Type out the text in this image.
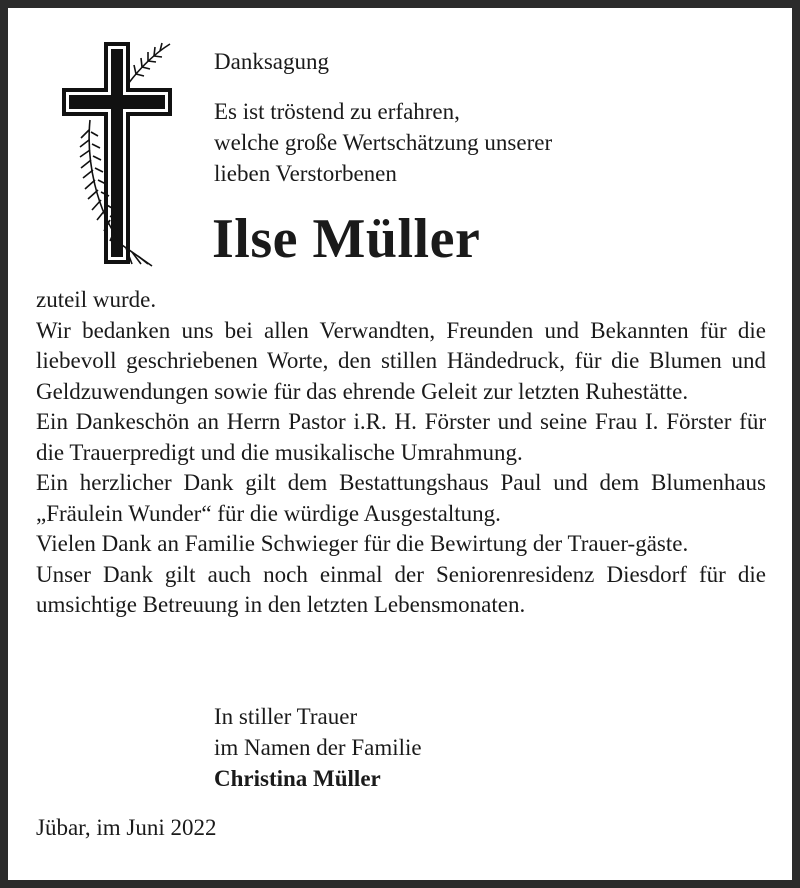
Danksagung
Es ist tröstend zu erfahren,
welche große Wertschätzung unserer
lieben Verstorbenen
Ilse Müller
zuteil wurde.
Wir bedanken uns bei allen Verwandten, Freunden und Bekannten für die liebevoll geschriebenen Worte, den stillen Händedruck, für die Blumen und Geldzuwendungen sowie für das ehrende Geleit zur letzten Ruhestätte.
Ein Dankeschön an Herrn Pastor i.R. H. Förster und seine Frau I. Förster für die Trauerpredigt und die musikalische Umrahmung.
Ein herzlicher Dank gilt dem Bestattungshaus Paul und dem Blumenhaus „Fräulein Wunder“ für die würdige Ausgestaltung.
Vielen Dank an Familie Schwieger für die Bewirtung der Trauer-gäste.
Unser Dank gilt auch noch einmal der Seniorenresidenz Diesdorf für die umsichtige Betreuung in den letzten Lebensmonaten.
In stiller Trauer
im Namen der Familie
Christina Müller
Jübar, im Juni 2022
